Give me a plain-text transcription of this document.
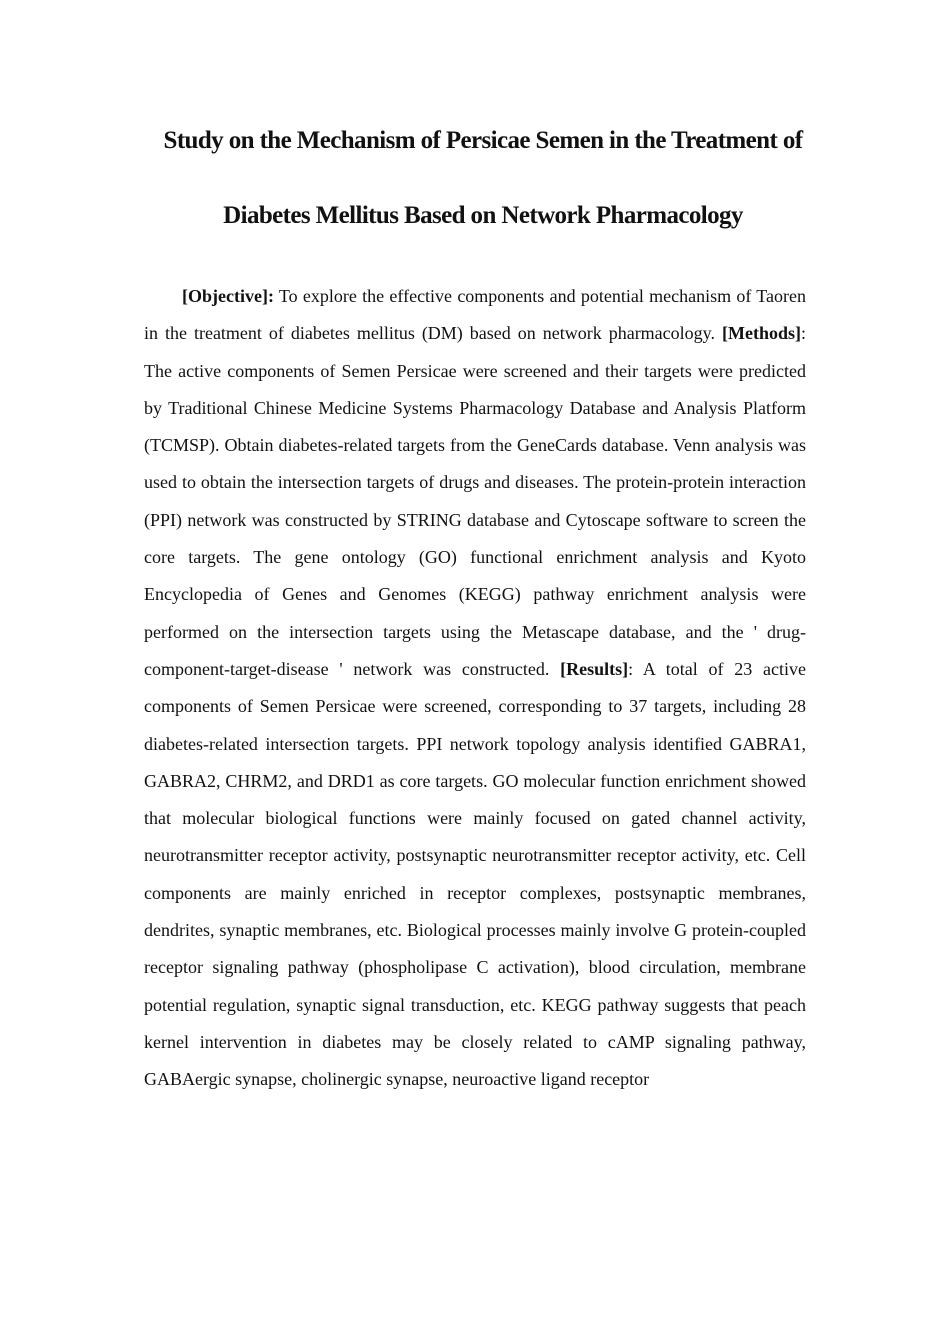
Study on the Mechanism of Persicae Semen in the Treatment of
Diabetes Mellitus Based on Network Pharmacology

[Objective]: To explore the effective components and potential mechanism of Taoren in the treatment of diabetes mellitus (DM) based on network pharmacology. [Methods]: The active components of Semen Persicae were screened and their targets were predicted by Traditional Chinese Medicine Systems Pharmacology Database and Analysis Platform (TCMSP). Obtain diabetes-related targets from the GeneCards database. Venn analysis was used to obtain the intersection targets of drugs and diseases. The protein-protein interaction (PPI) network was constructed by STRING database and Cytoscape software to screen the core targets. The gene ontology (GO) functional enrichment analysis and Kyoto Encyclopedia of Genes and Genomes (KEGG) pathway enrichment analysis were performed on the intersection targets using the Metascape database, and the ' drug-component-target-disease ' network was constructed. [Results]: A total of 23 active components of Semen Persicae were screened, corresponding to 37 targets, including 28 diabetes-related intersection targets. PPI network topology analysis identified GABRA1, GABRA2, CHRM2, and DRD1 as core targets. GO molecular function enrichment showed that molecular biological functions were mainly focused on gated channel activity, neurotransmitter receptor activity, postsynaptic neurotransmitter receptor activity, etc. Cell components are mainly enriched in receptor complexes, postsynaptic membranes, dendrites, synaptic membranes, etc. Biological processes mainly involve G protein-coupled receptor signaling pathway (phospholipase C activation), blood circulation, membrane potential regulation, synaptic signal transduction, etc. KEGG pathway suggests that peach kernel intervention in diabetes may be closely related to cAMP signaling pathway, GABAergic synapse, cholinergic synapse, neuroactive ligand receptor
